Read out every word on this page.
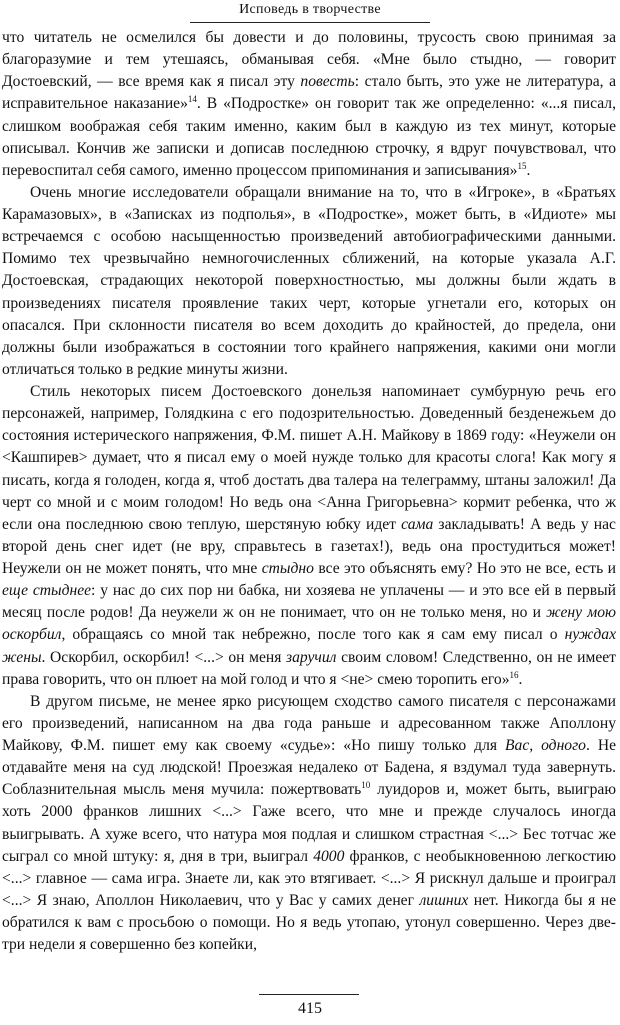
Исповедь в творчестве

что читатель не осмелился бы довести и до половины, трусость свою принимая за благоразумие и тем утешаясь, обманывая себя. «Мне было стыдно, — говорит Достоевский, — все время как я писал эту повесть: стало быть, это уже не литература, а исправительное наказание»$^{14}$. В «Подростке» он говорит так же определенно: «...я писал, слишком воображая себя таким именно, каким был в каждую из тех минут, которые описывал. Кончив же записки и дописав последнюю строчку, я вдруг почувствовал, что перевоспитал себя самого, именно процессом припоминания и записывания»$^{15}$.

Очень многие исследователи обращали внимание на то, что в «Игроке», в «Братьях Карамазовых», в «Записках из подполья», в «Подростке», может быть, в «Идиоте» мы встречаемся с особою насыщенностью произведений автобиографическими данными. Помимо тех чрезвычайно немногочисленных сближений, на которые указала А.Г. Достоевская, страдающих некоторой поверхностностью, мы должны были ждать в произведениях писателя проявление таких черт, которые угнетали его, которых он опасался. При склонности писателя во всем доходить до крайностей, до предела, они должны были изображаться в состоянии того крайнего напряжения, какими они могли отличаться только в редкие минуты жизни.

Стиль некоторых писем Достоевского донельзя напоминает сумбурную речь его персонажей, например, Голядкина с его подозрительностью. Доведенный безденежьем до состояния истерического напряжения, Ф.М. пишет А.Н. Майкову в 1869 году: «Неужели он <Кашпирев> думает, что я писал ему о моей нужде только для красоты слога! Как могу я писать, когда я голоден, когда я, чтоб достать два талера на телеграмму, штаны заложил! Да черт со мной и с моим голодом! Но ведь она <Анна Григорьевна> кормит ребенка, что ж если она последнюю свою теплую, шерстяную юбку идет сама закладывать! А ведь у нас второй день снег идет (не вру, справьтесь в газетах!), ведь она простудиться может! Неужели он не может понять, что мне стыдно все это объяснять ему? Но это не все, есть и еще стыднее: у нас до сих пор ни бабка, ни хозяева не уплачены — и это все ей в первый месяц после родов! Да неужели ж он не понимает, что он не только меня, но и жену мою оскорбил, обращаясь со мной так небрежно, после того как я сам ему писал о нуждах жены. Оскорбил, оскорбил! <...> он меня заручил своим словом! Следственно, он не имеет права говорить, что он плюет на мой голод и что я <не> смею торопить его»$^{16}$.

В другом письме, не менее ярко рисующем сходство самого писателя с персонажами его произведений, написанном на два года раньше и адресованном также Аполлону Майкову, Ф.М. пишет ему как своему «судье»: «Но пишу только для Вас, одного. Не отдавайте меня на суд людской! Проезжая недалеко от Бадена, я вздумал туда завернуть. Соблазнительная мысль меня мучила: пожертвовать$^{10}$ луидоров и, может быть, выиграю хоть 2000 франков лишних <...> Гаже всего, что мне и прежде случалось иногда выигрывать. А хуже всего, что натура моя подлая и слишком страстная <...> Бес тотчас же сыграл со мной штуку: я, дня в три, выиграл 4000 франков, с необыкновенною легкостию <...> главное — сама игра. Знаете ли, как это втягивает. <...> Я рискнул дальше и проиграл <...> Я знаю, Аполлон Николаевич, что у Вас у самих денег лишних нет. Никогда бы я не обратился к вам с просьбою о помощи. Но я ведь утопаю, утонул совершенно. Через две-три недели я совершенно без копейки,

415
